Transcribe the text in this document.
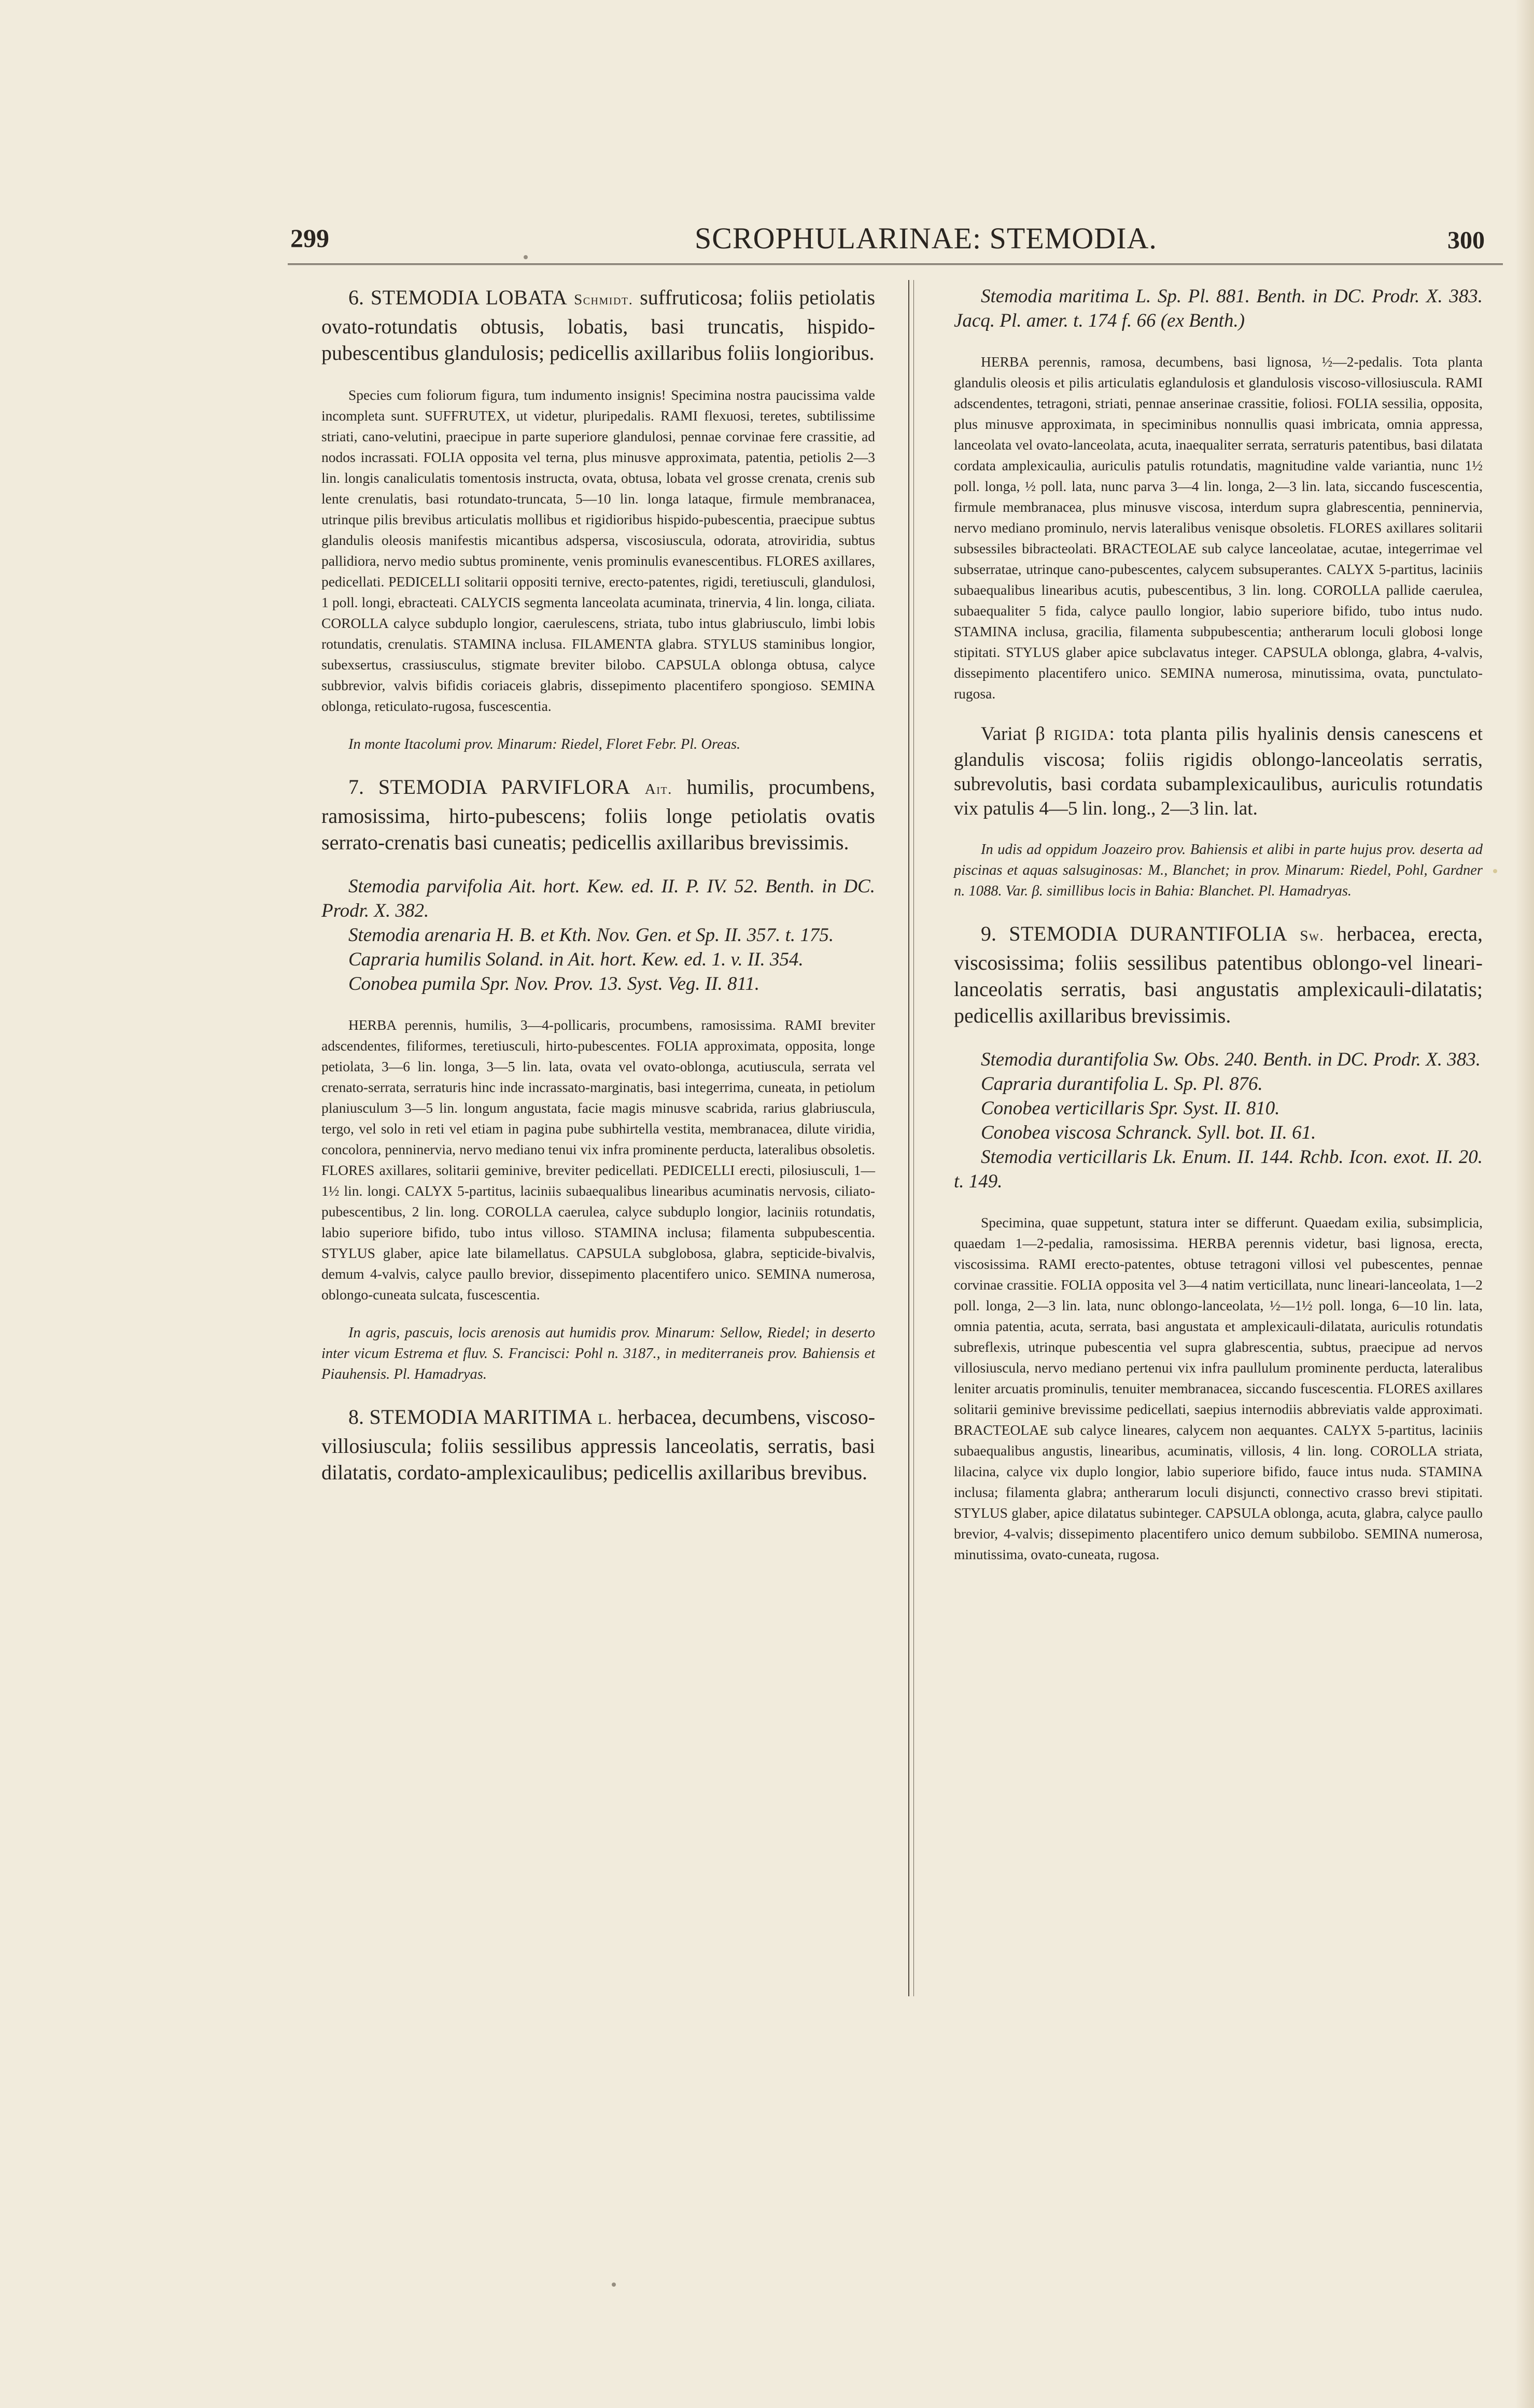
299	SCROPHULARINAE: STEMODIA.	300

6. STEMODIA LOBATA Schmidt. suffruticosa; foliis petiolatis ovato-rotundatis obtusis, lobatis, basi truncatis, hispido-pubescentibus glandulosis; pedicellis axillaribus foliis longioribus.

Species cum foliorum figura, tum indumento insignis! Specimina nostra paucissima valde incompleta sunt. SUFFRUTEX, ut videtur, pluripedalis. RAMI flexuosi, teretes, subtilissime striati, cano-velutini, praecipue in parte superiore glandulosi, pennae corvinae fere crassitie, ad nodos incrassati. FOLIA opposita vel terna, plus minusve approximata, patentia, petiolis 2—3 lin. longis canaliculatis tomentosis instructa, ovata, obtusa, lobata vel grosse crenata, crenis sub lente crenulatis, basi rotundato-truncata, 5—10 lin. longa lataque, firmule membranacea, utrinque pilis brevibus articulatis mollibus et rigidioribus hispido-pubescentia, praecipue subtus glandulis oleosis manifestis micantibus adspersa, viscosiuscula, odorata, atroviridia, subtus pallidiora, nervo medio subtus prominente, venis prominulis evanescentibus. FLORES axillares, pedicellati. PEDICELLI solitarii oppositi ternive, erecto-patentes, rigidi, teretiusculi, glandulosi, 1 poll. longi, ebracteati. CALYCIS segmenta lanceolata acuminata, trinervia, 4 lin. longa, ciliata. COROLLA calyce subduplo longior, caerulescens, striata, tubo intus glabriusculo, limbi lobis rotundatis, crenulatis. STAMINA inclusa. FILAMENTA glabra. STYLUS staminibus longior, subexsertus, crassiusculus, stigmate breviter bilobo. CAPSULA oblonga obtusa, calyce subbrevior, valvis bifidis coriaceis glabris, dissepimento placentifero spongioso. SEMINA oblonga, reticulato-rugosa, fuscescentia.

In monte Itacolumi prov. Minarum: Riedel, Floret Febr. Pl. Oreas.

7. STEMODIA PARVIFLORA Ait. humilis, procumbens, ramosissima, hirto-pubescens; foliis longe petiolatis ovatis serrato-crenatis basi cuneatis; pedicellis axillaribus brevissimis.

Stemodia parvifolia Ait. hort. Kew. ed. II. P. IV. 52. Benth. in DC. Prodr. X. 382.
Stemodia arenaria H. B. et Kth. Nov. Gen. et Sp. II. 357. t. 175.
Capraria humilis Soland. in Ait. hort. Kew. ed. 1. v. II. 354.
Conobea pumila Spr. Nov. Prov. 13. Syst. Veg. II. 811.

HERBA perennis, humilis, 3—4-pollicaris, procumbens, ramosissima. RAMI breviter adscendentes, filiformes, teretiusculi, hirto-pubescentes. FOLIA approximata, opposita, longe petiolata, 3—6 lin. longa, 3—5 lin. lata, ovata vel ovato-oblonga, acutiuscula, serrata vel crenato-serrata, serraturis hinc inde incrassato-marginatis, basi integerrima, cuneata, in petiolum planiusculum 3—5 lin. longum angustata, facie magis minusve scabrida, rarius glabriuscula, tergo, vel solo in reti vel etiam in pagina pube subhirtella vestita, membranacea, dilute viridia, concolora, penninervia, nervo mediano tenui vix infra prominente perducta, lateralibus obsoletis. FLORES axillares, solitarii geminive, breviter pedicellati. PEDICELLI erecti, pilosiusculi, 1—1½ lin. longi. CALYX 5-partitus, laciniis subaequalibus linearibus acuminatis nervosis, ciliato-pubescentibus, 2 lin. long. COROLLA caerulea, calyce subduplo longior, laciniis rotundatis, labio superiore bifido, tubo intus villoso. STAMINA inclusa; filamenta subpubescentia. STYLUS glaber, apice late bilamellatus. CAPSULA subglobosa, glabra, septicide-bivalvis, demum 4-valvis, calyce paullo brevior, dissepimento placentifero unico. SEMINA numerosa, oblongo-cuneata sulcata, fuscescentia.

In agris, pascuis, locis arenosis aut humidis prov. Minarum: Sellow, Riedel; in deserto inter vicum Estrema et fluv. S. Francisci: Pohl n. 3187., in mediterraneis prov. Bahiensis et Piauhensis. Pl. Hamadryas.

8. STEMODIA MARITIMA L. herbacea, decumbens, viscoso-villosiuscula; foliis sessilibus appressis lanceolatis, serratis, basi dilatatis, cordato-amplexicaulibus; pedicellis axillaribus brevibus.

Stemodia maritima L. Sp. Pl. 881. Benth. in DC. Prodr. X. 383. Jacq. Pl. amer. t. 174 f. 66 (ex Benth.)

HERBA perennis, ramosa, decumbens, basi lignosa, ½—2-pedalis. Tota planta glandulis oleosis et pilis articulatis eglandulosis et glandulosis viscoso-villosiuscula. RAMI adscendentes, tetragoni, striati, pennae anserinae crassitie, foliosi. FOLIA sessilia, opposita, plus minusve approximata, in speciminibus nonnullis quasi imbricata, omnia appressa, lanceolata vel ovato-lanceolata, acuta, inaequaliter serrata, serraturis patentibus, basi dilatata cordata amplexicaulia, auriculis patulis rotundatis, magnitudine valde variantia, nunc 1½ poll. longa, ½ poll. lata, nunc parva 3—4 lin. longa, 2—3 lin. lata, siccando fuscescentia, firmule membranacea, plus minusve viscosa, interdum supra glabrescentia, penninervia, nervo mediano prominulo, nervis lateralibus venisque obsoletis. FLORES axillares solitarii subsessiles bibracteolati. BRACTEOLAE sub calyce lanceolatae, acutae, integerrimae vel subserratae, utrinque cano-pubescentes, calycem subsuperantes. CALYX 5-partitus, laciniis subaequalibus linearibus acutis, pubescentibus, 3 lin. long. COROLLA pallide caerulea, subaequaliter 5 fida, calyce paullo longior, labio superiore bifido, tubo intus nudo. STAMINA inclusa, gracilia, filamenta subpubescentia; antherarum loculi globosi longe stipitati. STYLUS glaber apice subclavatus integer. CAPSULA oblonga, glabra, 4-valvis, dissepimento placentifero unico. SEMINA numerosa, minutissima, ovata, punctulato-rugosa.

Variat β RIGIDA: tota planta pilis hyalinis densis canescens et glandulis viscosa; foliis rigidis oblongo-lanceolatis serratis, subrevolutis, basi cordata subamplexicaulibus, auriculis rotundatis vix patulis 4—5 lin. long., 2—3 lin. lat.

In udis ad oppidum Joazeiro prov. Bahiensis et alibi in parte hujus prov. deserta ad piscinas et aquas salsuginosas: M., Blanchet; in prov. Minarum: Riedel, Pohl, Gardner n. 1088. Var. β. simillibus locis in Bahia: Blanchet. Pl. Hamadryas.

9. STEMODIA DURANTIFOLIA Sw. herbacea, erecta, viscosissima; foliis sessilibus patentibus oblongo-vel lineari-lanceolatis serratis, basi angustatis amplexicauli-dilatatis; pedicellis axillaribus brevissimis.

Stemodia durantifolia Sw. Obs. 240. Benth. in DC. Prodr. X. 383.
Capraria durantifolia L. Sp. Pl. 876.
Conobea verticillaris Spr. Syst. II. 810.
Conobea viscosa Schranck. Syll. bot. II. 61.
Stemodia verticillaris Lk. Enum. II. 144. Rchb. Icon. exot. II. 20. t. 149.

Specimina, quae suppetunt, statura inter se differunt. Quaedam exilia, subsimplicia, quaedam 1—2-pedalia, ramosissima. HERBA perennis videtur, basi lignosa, erecta, viscosissima. RAMI erecto-patentes, obtuse tetragoni villosi vel pubescentes, pennae corvinae crassitie. FOLIA opposita vel 3—4 natim verticillata, nunc lineari-lanceolata, 1—2 poll. longa, 2—3 lin. lata, nunc oblongo-lanceolata, ½—1½ poll. longa, 6—10 lin. lata, omnia patentia, acuta, serrata, basi angustata et amplexicauli-dilatata, auriculis rotundatis subreflexis, utrinque pubescentia vel supra glabrescentia, subtus, praecipue ad nervos villosiuscula, nervo mediano pertenui vix infra paullulum prominente perducta, lateralibus leniter arcuatis prominulis, tenuiter membranacea, siccando fuscescentia. FLORES axillares solitarii geminive brevissime pedicellati, saepius internodiis abbreviatis valde approximati. BRACTEOLAE sub calyce lineares, calycem non aequantes. CALYX 5-partitus, laciniis subaequalibus angustis, linearibus, acuminatis, villosis, 4 lin. long. COROLLA striata, lilacina, calyce vix duplo longior, labio superiore bifido, fauce intus nuda. STAMINA inclusa; filamenta glabra; antherarum loculi disjuncti, connectivo crasso brevi stipitati. STYLUS glaber, apice dilatatus subinteger. CAPSULA oblonga, acuta, glabra, calyce paullo brevior, 4-valvis; dissepimento placentifero unico demum subbilobo. SEMINA numerosa, minutissima, ovato-cuneata, rugosa.
